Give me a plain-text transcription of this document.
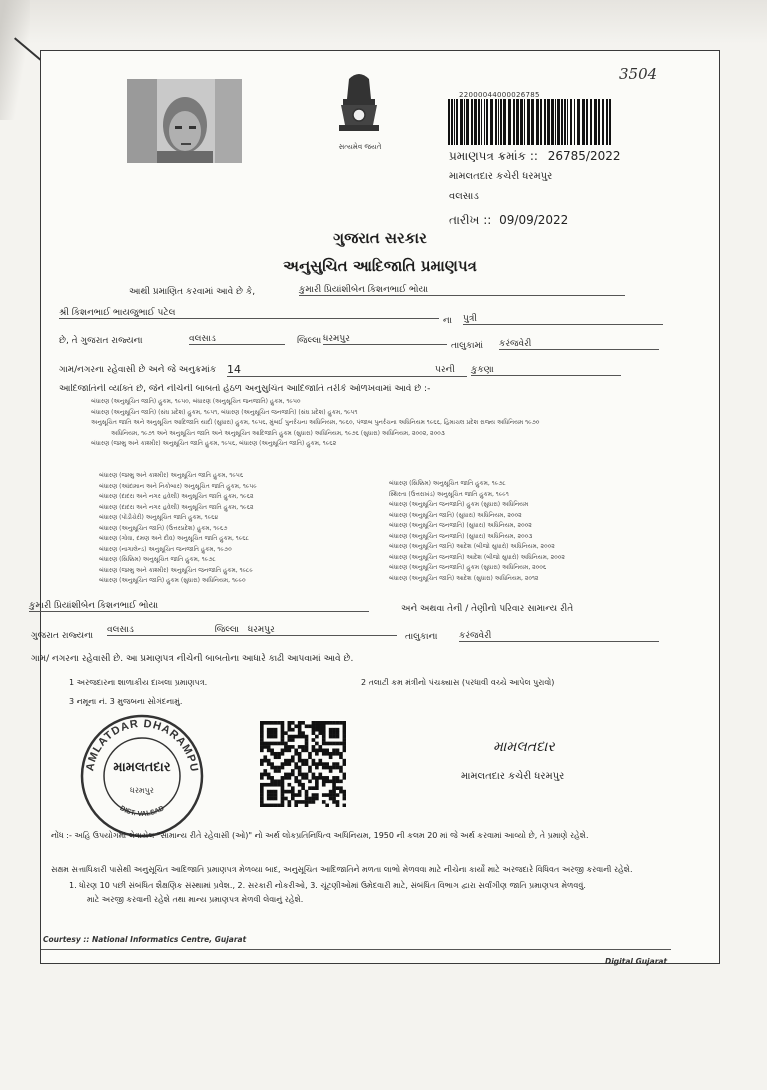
સત્યમેવ જયતે
22000044000026785
3504
પ્રમાણપત્ર ક્રમાંક :: 26785/2022
મામલતદાર કચેરી ધરમપુર
વલસાડ
તારીખ :: 09/09/2022
ગુજરાત સરકાર
અનુસુચિત આદિજાતિ પ્રમાણપત્ર
આથી પ્રમાણિત કરવામાં આવે છે કે,	કુમારી પ્રિયાંશીબેન કિશનભાઈ ભોયા
શ્રી કિશનભાઈ ભાયજુભાઈ પટેલ
ના પુત્રી
છે, તે ગુજરાત રાજ્યના	વલસાડ	જિલ્લા ધરમપુર
તાલુકામાં કરંજવેરી
ગામ/નગરના રહેવાસી છે અને જે અનુક્રમાંક 14	પરની કુકણા
આદિજાતિની વ્યક્તિ છે, જેને નીચેની બાબતો હેઠળ અનુસુચિત આદિજાતિ તરીકે ઓળખવામાં આવે છે :-
બંધારણ (અનુસૂચિત જાતિ) હુકમ, ૧૯૫૦, બંધારણ (અનુસૂચિત જનજાતિ) હુકમ, ૧૯૫૦
બંધારણ (અનુસૂચિત જાતિ) (સંઘ પ્રદેશ) હુકમ, ૧૯૫૧, બંધારણ (અનુસૂચિત જનજાતિ) (સંઘ પ્રદેશ) હુકમ, ૧૯૫૧
અનુસૂચિત જાતિ અને અનુસૂચિત આદિજાતિ યાદી (સુધારા) હુકમ, ૧૯૫૬, મુંબઈ પુનર્રચના અધિનિયમ, ૧૯૬૦, પંજાબ પુનર્રચના અધિનિયમ ૧૯૬૬, હિમાચલ પ્રદેશ રાજ્ય અધિનિયમ ૧૯૭૦
અધિનિયમ, ૧૯૭૧ અને અનુસૂચિત જાતિ અને અનુસૂચિત આદિજાતિ હુકમ (સુધારા) અધિનિયમ, ૧૯૭૬ (સુધારા) અધિનિયમ, ૨૦૦૨, ૨૦૦૩
બંધારણ (જમ્મુ અને કાશ્મીર) અનુસૂચિત જાતિ હુકમ, ૧૯૫૬, બંધારણ (અનુસૂચિત જાતિ) હુકમ, ૧૯૬૨
બંધારણ (જમ્મુ અને કાશ્મીર) અનુસૂચિત જાતિ હુકમ, ૧૯૫૬
બંધારણ (આંદામાન અને નિકોબાર) અનુસૂચિત જાતિ હુકમ, ૧૯૫૯
બંધારણ (દાદરા અને નગર હવેલી) અનુસૂચિત જાતિ હુકમ, ૧૯૬૨
બંધારણ (દાદરા અને નગર હવેલી) અનુસૂચિત જાતિ હુકમ, ૧૯૬૨
બંધારણ (પોંડીચેરી) અનુસૂચિત જાતિ હુકમ, ૧૯૬૪
બંધારણ (અનુસૂચિત જાતિ) (ઉત્તરપ્રદેશ) હુકમ, ૧૯૬૭
બંધારણ (ગોવા, દમણ અને દીવ) અનુસૂચિત જાતિ હુકમ, ૧૯૬૮
બંધારણ (નાગાલેન્ડ) અનુસૂચિત જનજાતિ હુકમ, ૧૯૭૦
બંધારણ (સિક્કિમ) અનુસૂચિત જાતિ હુકમ, ૧૯૭૮
બંધારણ (જમ્મુ અને કાશ્મીર) અનુસૂચિત જનજાતિ હુકમ, ૧૯૮૯
બંધારણ (અનુસૂચિત જાતિ) હુકમ (સુધારા) અધિનિયમ, ૧૯૯૦
બંધારણ (સિક્કિમ) અનુસૂચિત જાતિ હુકમ, ૧૯૭૮
સ્થિરતા (ઉત્તરાખંડ) અનુસૂચિત જાતિ હુકમ, ૧૯૯૧
બંધારણ (અનુસૂચિત જનજાતિ) હુકમ (સુધારા) અધિનિયમ
બંધારણ (અનુસૂચિત જાતિ) (સુધારા) અધિનિયમ, ૨૦૦૨
બંધારણ (અનુસૂચિત જનજાતિ) (સુધારા) અધિનિયમ, ૨૦૦૨
બંધારણ (અનુસૂચિત જનજાતિ) (સુધારા) અધિનિયમ, ૨૦૦૩
બંધારણ (અનુસૂચિત જાતિ) આદેશ (બીજો સુધારો) અધિનિયમ, ૨૦૦૨
બંધારણ (અનુસૂચિત જનજાતિ) આદેશ (બીજો સુધારો) અધિનિયમ, ૨૦૦૨
બંધારણ (અનુસૂચિત જનજાતિ) હુકમ (સુધારા) અધિનિયમ, ૨૦૦૬
બંધારણ (અનુસૂચિત જાતિ) આદેશ (સુધારા) અધિનિયમ, ૨૦૧૨
કુમારી પ્રિયાંશીબેન કિશનભાઈ ભોયા	અને અથવા તેની / તેણીનો પરિવાર સામાન્ય રીતે
ગુજરાત રાજ્યના
વલસાડ	જિલ્લા ધરમપુર
તાલુકાના કરંજવેરી
ગામ/ નગરના રહેવાસી છે. આ પ્રમાણપત્ર નીચેની બાબતોના આધારે કાઢી આપવામાં આવે છે.
1 અરજદારના શાળાકીય દાખલા પ્રમાણપત્ર.	2 તલાટી કમ મંત્રીનો પંચક્યાસ (પરધાવી વચ્ચે આપેલ પુરાવો)
3 નમૂના નં. 3 મુજબના સોગંદનામું.
AMLATDAR DHARAMPU
DIST. VALSAD
મામલતદાર
ધરમપુર
મામલતદાર
મામલતદાર કચેરી ધરમપુર
નોંધ :- અહિ ઉપયોગમાં લેવાયેલ "સામાન્ય રીતે રહેવાસી (ઓ)" નો અર્થ લોકપ્રતિનિધિત્વ અધિનિયમ, 1950 ની કલમ 20 માં જે અર્થ કરવામાં આવ્યો છે, તે પ્રમાણે રહેશે.
સક્ષમ સત્તાધિકારી પાસેથી અનુસૂચિત આદિજાતિ પ્રમાણપત્ર મેળવ્યા બાદ, અનુસૂચિત આદિજાતિને મળતા લાભો મેળવવા માટે નીચેના કાર્યો માટે અરજદારે વિધિવત અરજી કરવાની રહેશે.
1. ધોરણ 10 પછી સંબંધિત શૈક્ષણિક સંસ્થામાં પ્રવેશ., 2. સરકારી નોકરીઓ, 3. ચૂંટણીઓમાં ઉમેદવારી માટે, સંબંધિત વિભાગ દ્વારા સર્વાંગીણ જાતિ પ્રમાણપત્ર મેળવવું.
માટે અરજી કરવાની રહેશે તથા માન્ય પ્રમાણપત્ર મેળવી લેવાનું રહેશે.
Courtesy :: National Informatics Centre, Gujarat
Digital Gujarat
